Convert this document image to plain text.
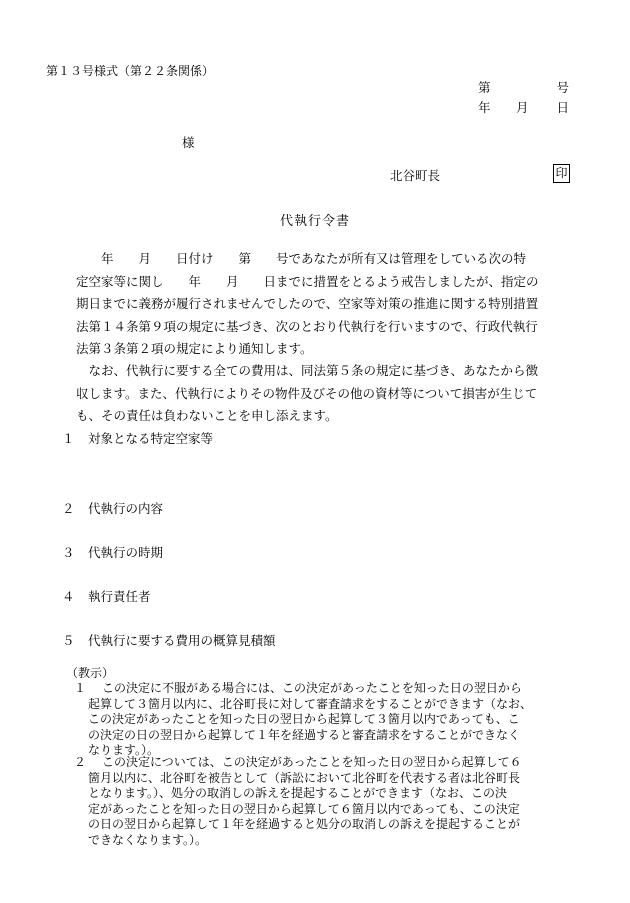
第１３号様式（第２２条関係）
第	号
年 月 日
様
北谷町長	印
代執行令書
　　年　　月　　日付け　　第　　号であなたが所有又は管理をしている次の特
定空家等に関し　　年　　月　　日までに措置をとるよう戒告しましたが、指定の
期日までに義務が履行されませんでしたので、空家等対策の推進に関する特別措置
法第１４条第９項の規定に基づき、次のとおり代執行を行いますので、行政代執行
法第３条第２項の規定により通知します。
　なお、代執行に要する全ての費用は、同法第５条の規定に基づき、あなたから徴
収します。また、代執行によりその物件及びその他の資材等について損害が生じて
も、その責任は負わないことを申し添えます。
１ 対象となる特定空家等
２ 代執行の内容
３ 代執行の時期
４ 執行責任者
５ 代執行に要する費用の概算見積額
（教示）
１	この決定に不服がある場合には、この決定があったことを知った日の翌日から
起算して３箇月以内に、北谷町長に対して審査請求をすることができます（なお、
この決定があったことを知った日の翌日から起算して３箇月以内であっても、こ
の決定の日の翌日から起算して１年を経過すると審査請求をすることができなく
なります。）。
２	この決定については、この決定があったことを知った日の翌日から起算して６
箇月以内に、北谷町を被告として（訴訟において北谷町を代表する者は北谷町長
となります。）、処分の取消しの訴えを提起することができます（なお、この決
定があったことを知った日の翌日から起算して６箇月以内であっても、この決定
の日の翌日から起算して１年を経過すると処分の取消しの訴えを提起することが
できなくなります。）。
